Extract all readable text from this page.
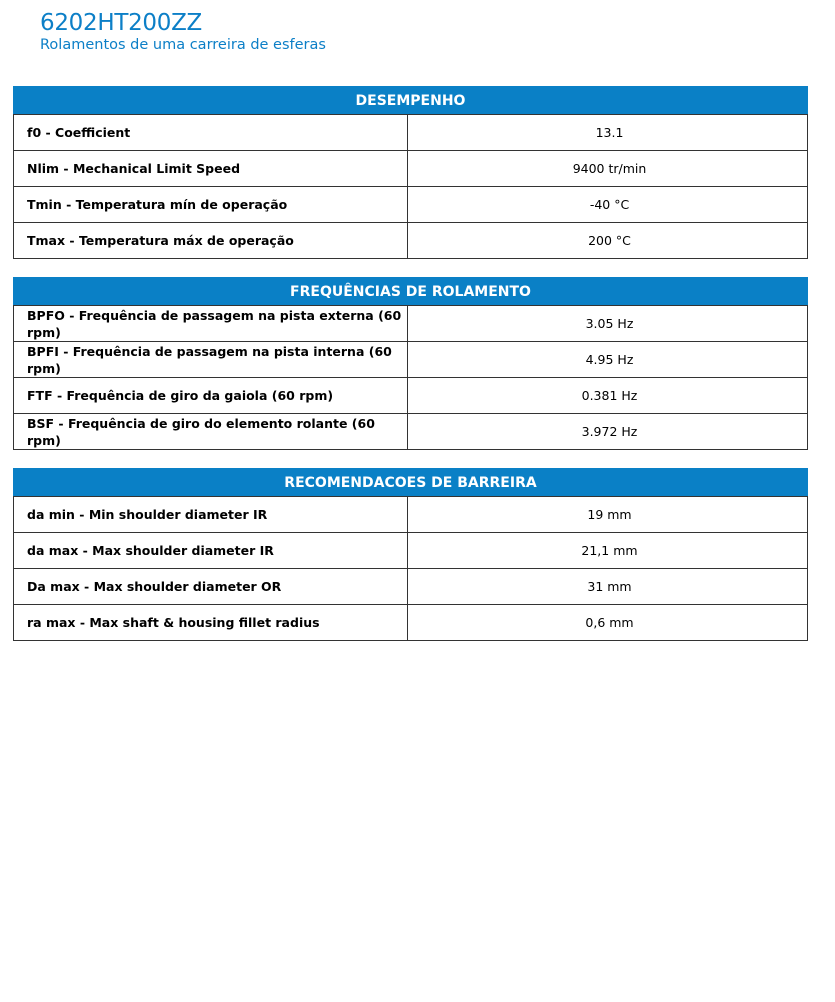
6202HT200ZZ
Rolamentos de uma carreira de esferas
DESEMPENHO
f0 - Coefficient	13.1
Nlim - Mechanical Limit Speed	9400 tr/min
Tmin - Temperatura mín de operação	-40 °C
Tmax - Temperatura máx de operação	200 °C
FREQUÊNCIAS DE ROLAMENTO
BPFO - Frequência de passagem na pista externa (60 rpm)	3.05 Hz
BPFI - Frequência de passagem na pista interna (60 rpm)	4.95 Hz
FTF - Frequência de giro da gaiola (60 rpm)	0.381 Hz
BSF - Frequência de giro do elemento rolante (60 rpm)	3.972 Hz
RECOMENDACOES DE BARREIRA
da min - Min shoulder diameter IR	19 mm
da max - Max shoulder diameter IR	21,1 mm
Da max - Max shoulder diameter OR	31 mm
ra max - Max shaft & housing fillet radius	0,6 mm
